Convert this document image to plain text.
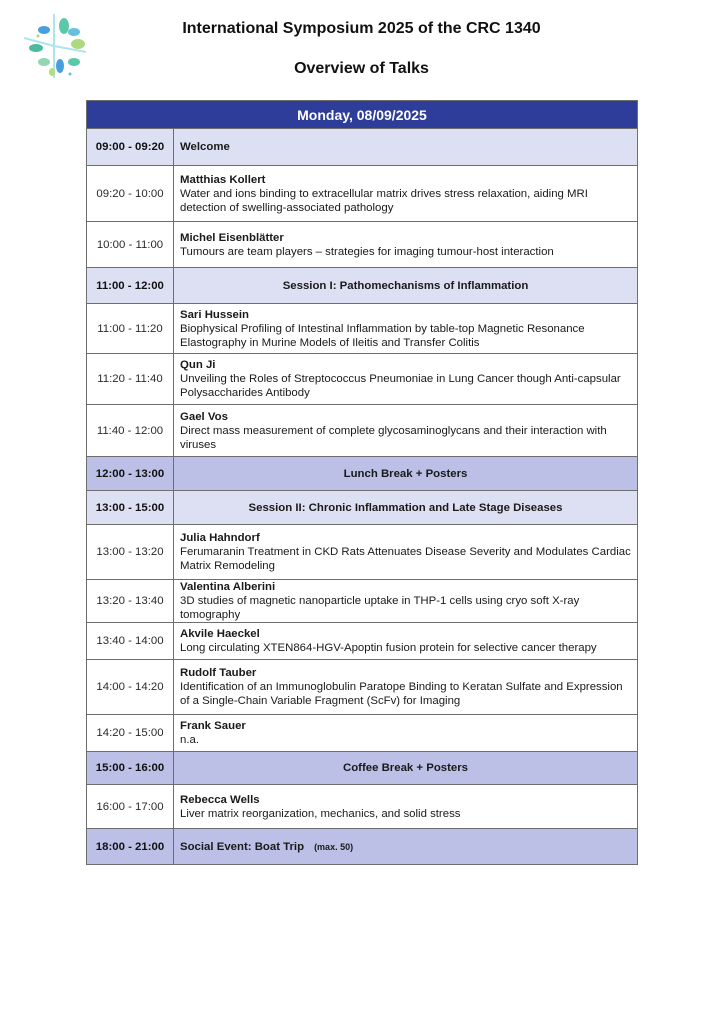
International Symposium 2025 of the CRC 1340
Overview of Talks
Monday, 08/09/2025	
09:00 - 09:20	Welcome
09:20 - 10:00	Matthias Kollert
Water and ions binding to extracellular matrix drives stress relaxation, aiding MRI detection of swelling-associated pathology

10:00 - 11:00	Michel Eisenblätter
Tumours are team players – strategies for imaging tumour-host interaction

11:00 - 12:00	Session I: Pathomechanisms of Inflammation
11:00 - 11:20	Sari Hussein
Biophysical Profiling of Intestinal Inflammation by table-top Magnetic Resonance Elastography in Murine Models of Ileitis and Transfer Colitis

11:20 - 11:40	Qun Ji
Unveiling the Roles of Streptococcus Pneumoniae in Lung Cancer though Anti-capsular Polysaccharides Antibody

11:40 - 12:00	Gael Vos
Direct mass measurement of complete glycosaminoglycans and their interaction with viruses

12:00 - 13:00	Lunch Break + Posters
13:00 - 15:00	Session II: Chronic Inflammation and Late Stage Diseases
13:00 - 13:20	Julia Hahndorf
Ferumaranin Treatment in CKD Rats Attenuates Disease Severity and Modulates Cardiac Matrix Remodeling

13:20 - 13:40	Valentina Alberini
3D studies of magnetic nanoparticle uptake in THP-1 cells using cryo soft X-ray tomography

13:40 - 14:00	Akvile Haeckel
Long circulating XTEN864-HGV-Apoptin fusion protein for selective cancer therapy

14:00 - 14:20	Rudolf Tauber
Identification of an Immunoglobulin Paratope Binding to Keratan Sulfate and Expression of a Single-Chain Variable Fragment (ScFv) for Imaging

14:20 - 15:00	Frank Sauer
n.a.

15:00 - 16:00	Coffee Break + Posters
16:00 - 17:00	Rebecca Wells
Liver matrix reorganization, mechanics, and solid stress

18:00 - 21:00	Social Event: Boat Trip (max. 50)
